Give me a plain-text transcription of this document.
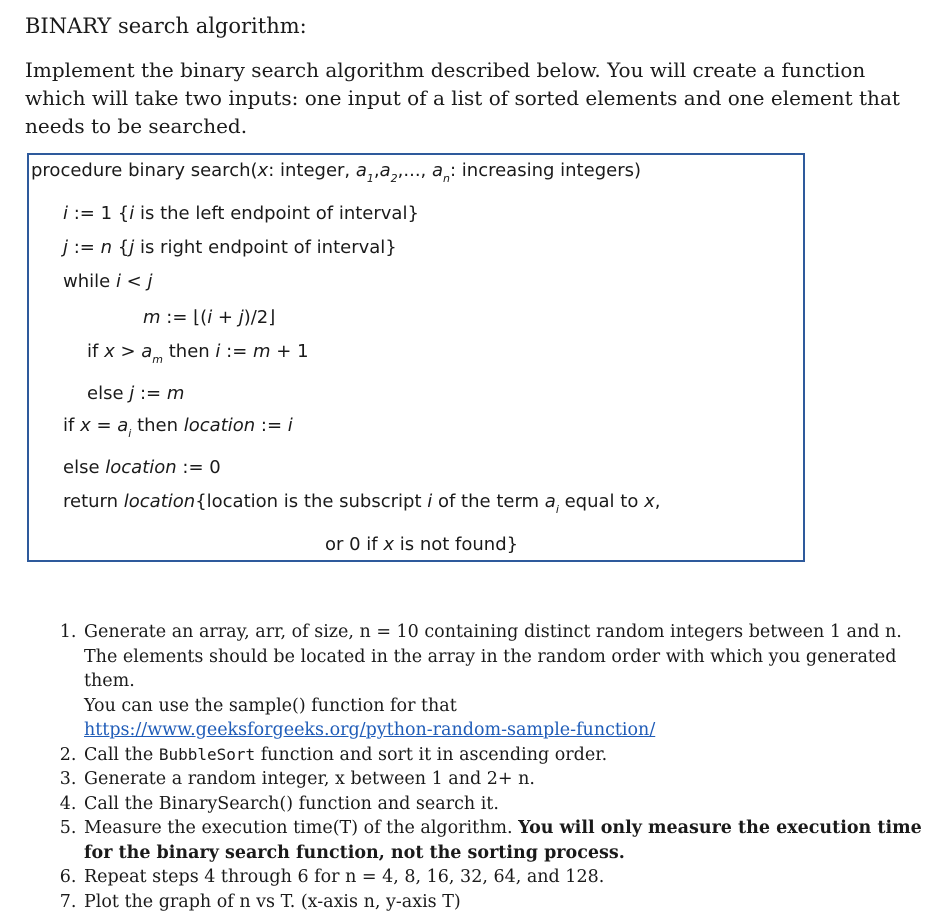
BINARY search algorithm:
Implement the binary search algorithm described below. You will create a function which will take two inputs: one input of a list of sorted elements and one element that needs to be searched.
procedure binary search(x: integer, $a_1,a_2$,..., $a_n$: increasing integers)
i := 1 {i is the left endpoint of interval}
j := n {j is right endpoint of interval}
while i < j
m := ⌊(i + j)/2⌋
if $x > a_m$ then i := m + 1
else j := m
if $x = a_i$ then location := i
else location := 0
return location{location is the subscript i of the term $a_i$ equal to x,
or 0 if x is not found}
1. Generate an array, arr, of size, n = 10 containing distinct random integers between 1 and n. The elements should be located in the array in the random order with which you generated them.
You can use the sample() function for that
https://www.geeksforgeeks.org/python-random-sample-function/
2. Call the BubbleSort function and sort it in ascending order.
3. Generate a random integer, x between 1 and 2+ n.
4. Call the BinarySearch() function and search it.
5. Measure the execution time(T) of the algorithm. You will only measure the execution time for the binary search function, not the sorting process.
6. Repeat steps 4 through 6 for n = 4, 8, 16, 32, 64, and 128.
7. Plot the graph of n vs T. (x-axis n, y-axis T)
